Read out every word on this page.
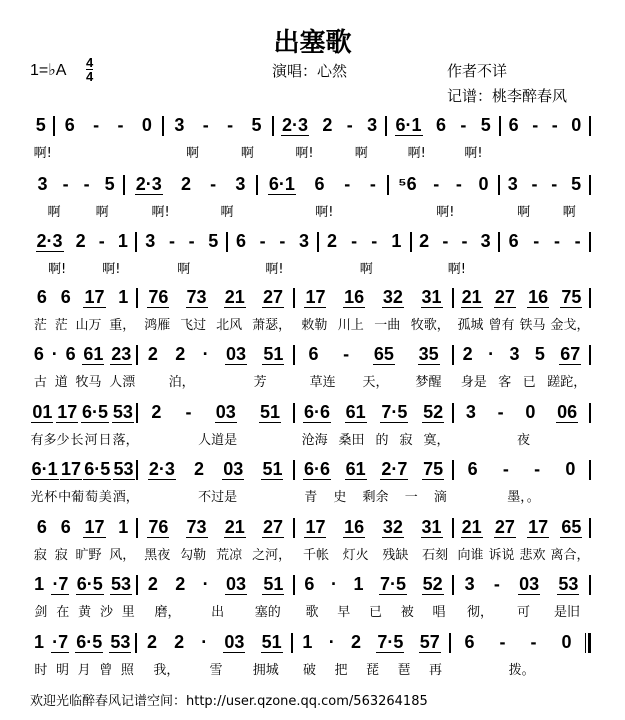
出塞歌
1=♭A 4
4	演唱：心然	作者不详
记谱：桃李醉春风
5 6 - - 0 3 - - 5 2·3 2 - 3 6·1 6 - 5 6 - - 0
啊!	啊	啊	啊!	啊	啊!	啊!
3 - - 5 2·3 2 - 3 6·1 6 - - ⁵6 - - 0 3 - - 5
啊	啊	啊!	啊	啊!	啊!	啊	啊
2·3 2 - 1 3 - - 5 6 - - 3 2 - - 1 2 - - 3 6 - - -
啊!	啊!	啊	啊!	啊	啊!
6 6 17 1 76 73 21 27 17 16 32 31 21 27 16 75
茫 茫 山万 重， 鸿雁 飞过 北风 萧瑟， 敕勒 川上 一曲 牧歌， 孤城 曾有 铁马 金戈，
6 · 6 61 23 2 2 · 03 51 6 - 65 35 2 · 3 5 67
古 道 牧马 人漂	泊，	芳	草连 天， 梦醒 身是 客 已 蹉跎，
01 17 6·5 53 2 - 03 51 6·6 61 7·5 52 3 - 0 06
有多少 长 河 日 落，	人道是	沧海 桑田 的 寂 寞，	夜
6·1 17 6·5 53 2·3 2 03 51 6·6 61 2·7 75 6 - - 0
光 杯 中葡 萄 美 酒，	不过是	青 史 剩余 一 滴	墨，。
6 6 17 1 76 73 21 27 17 16 32 31 21 27 17 65
寂 寂 旷野 风， 黑夜 勾勒 荒凉 之河， 千帐 灯火 残缺 石刻 向谁 诉说 悲欢 离合，
1 ·7 6·5 53 2 2 · 03 51 6 · 1 7·5 52 3 - 03 53
剑 在 黄 沙 里 磨， 出 塞的 歌 早 已 被 唱 彻， 可 是旧
1 ·7 6·5 53 2 2 · 03 51 1 · 2 7·5 57 6 - - 0
时 明 月 曾 照 我， 雪 拥城 破 把 琵 琶 再	拨。
欢迎光临醉春风记谱空间：http://user.qzone.qq.com/563264185
